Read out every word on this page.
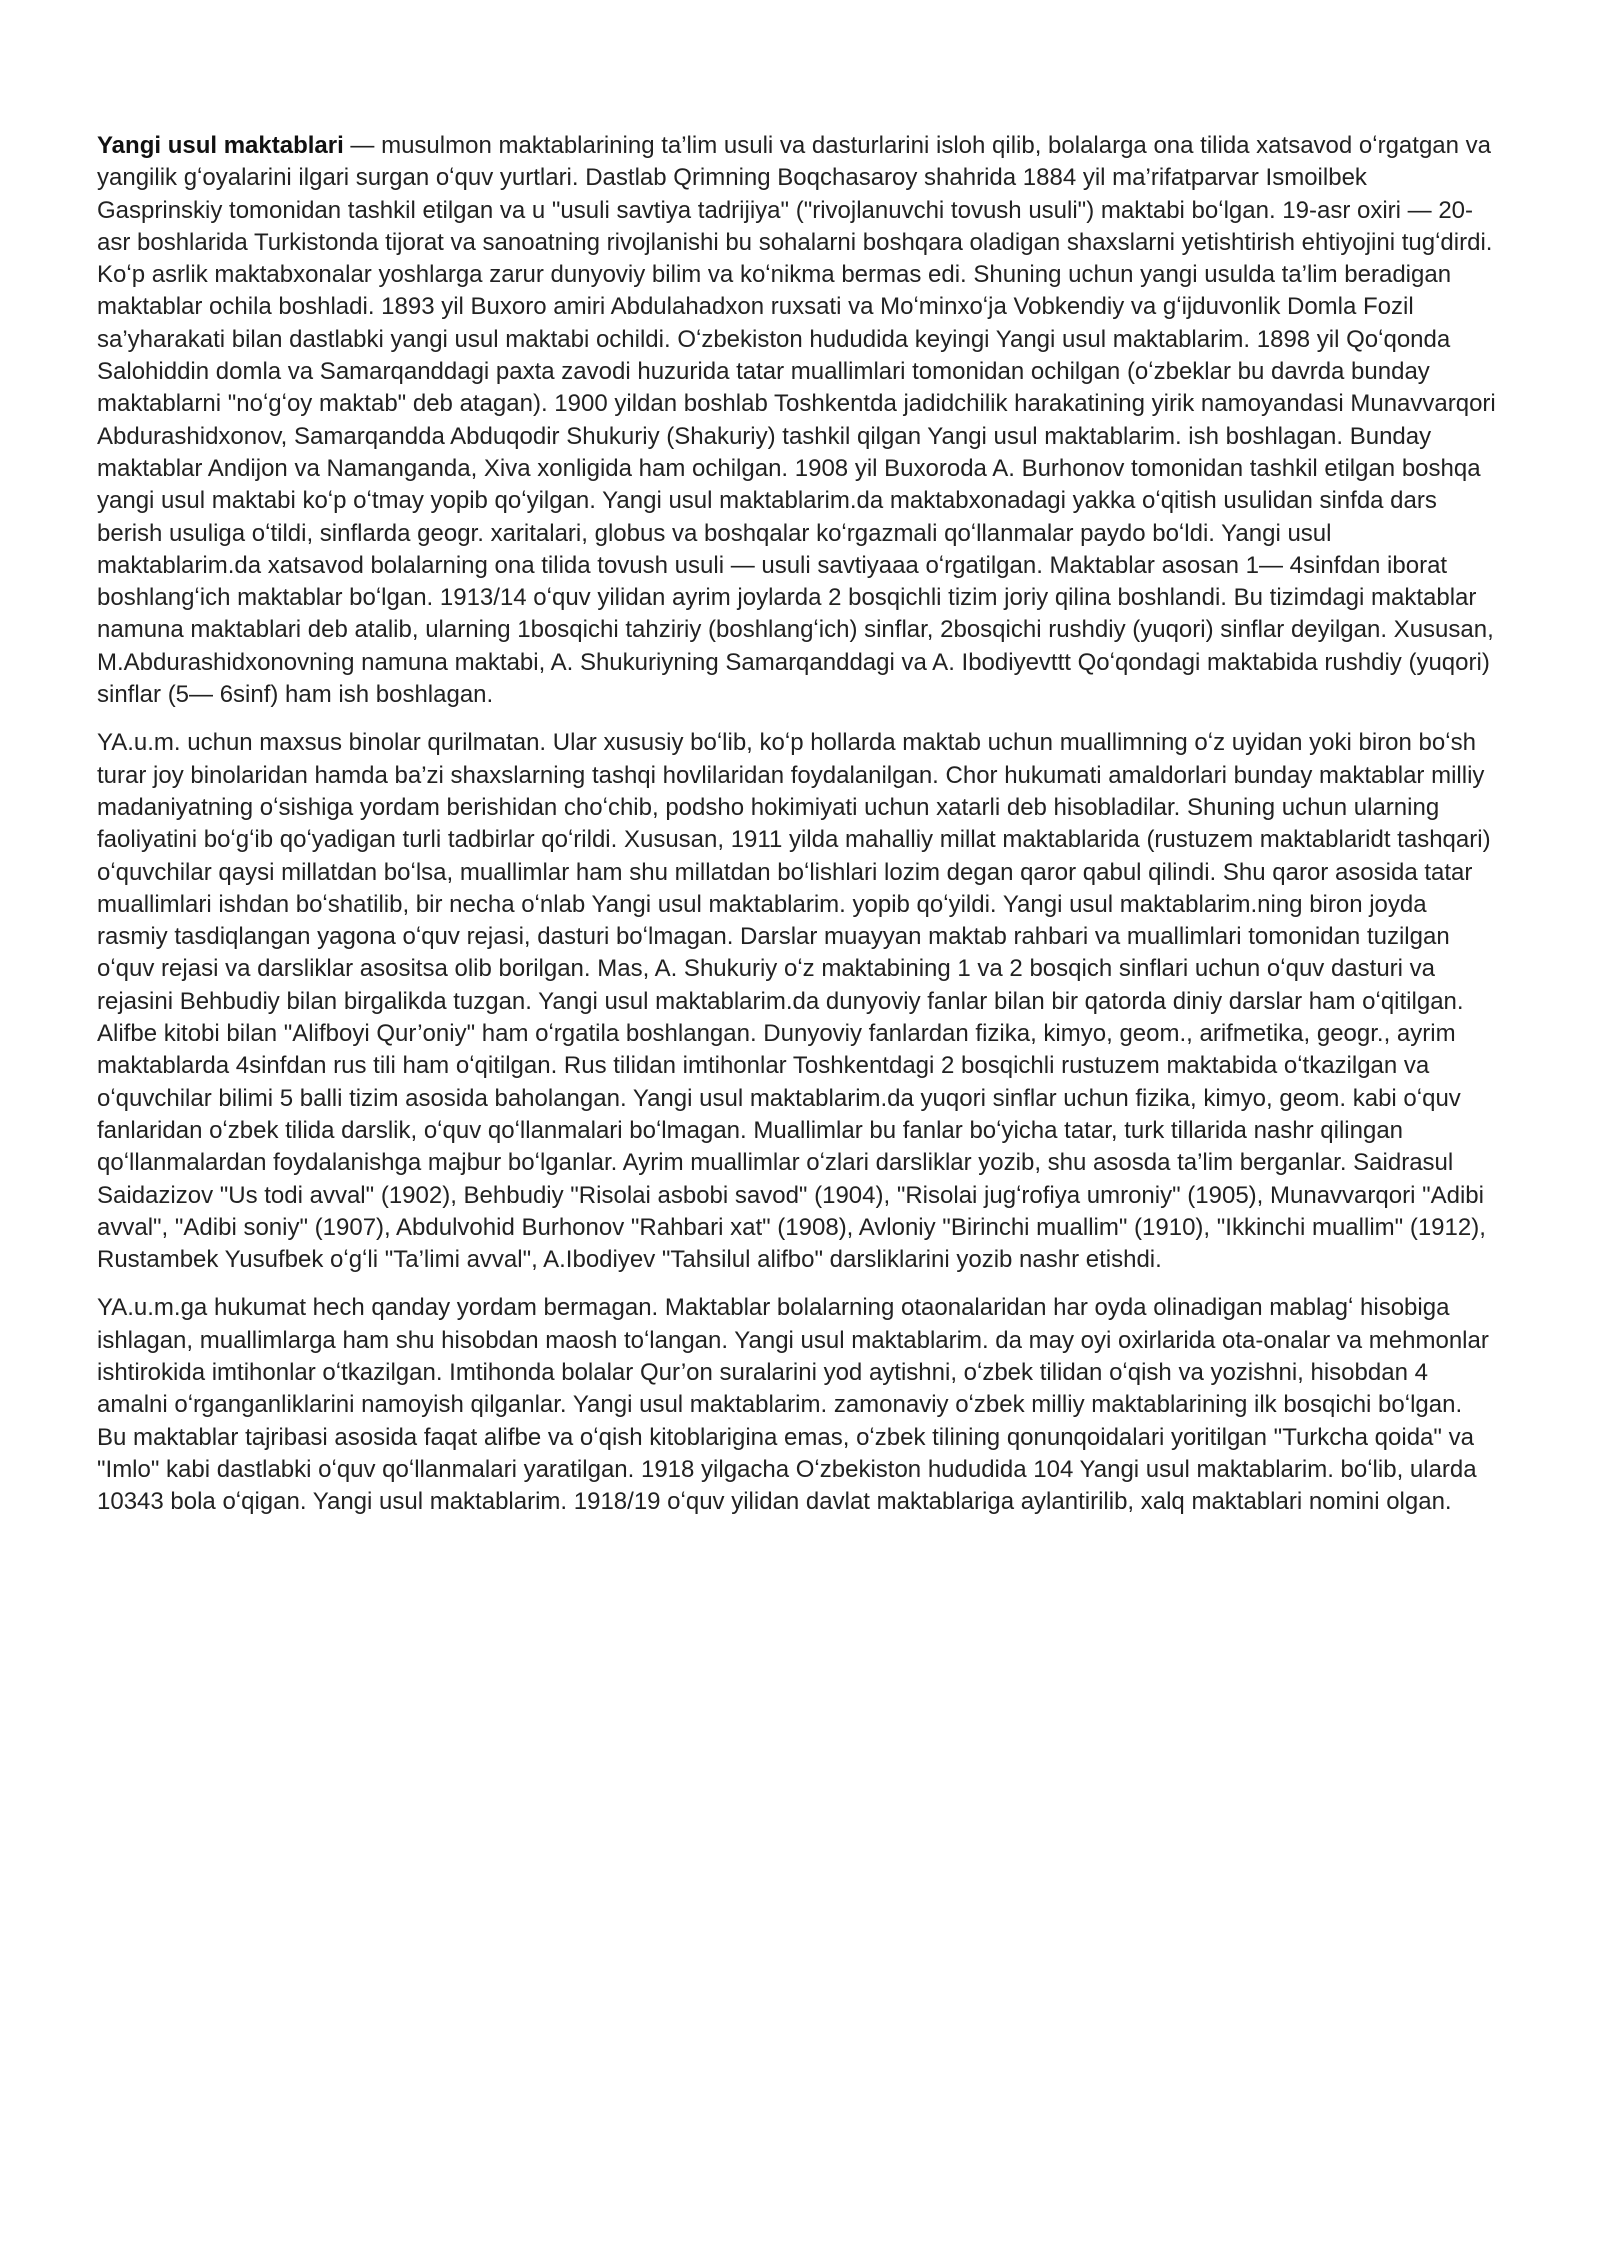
Yangi usul maktablari — musulmon maktablarining ta’lim usuli va dasturlarini isloh qilib, bolalarga ona tilida xatsavod oʻrgatgan va yangilik gʻoyalarini ilgari surgan oʻquv yurtlari. Dastlab Qrimning Boqchasaroy shahrida 1884 yil ma’rifatparvar Ismoilbek Gasprinskiy tomonidan tashkil etilgan va u "usuli savtiya tadrijiya" ("rivojlanuvchi tovush usuli") maktabi boʻlgan. 19-asr oxiri — 20-asr boshlarida Turkistonda tijorat va sanoatning rivojlanishi bu sohalarni boshqara oladigan shaxslarni yetishtirish ehtiyojini tugʻdirdi. Koʻp asrlik maktabxonalar yoshlarga zarur dunyoviy bilim va koʻnikma bermas edi. Shuning uchun yangi usulda ta’lim beradigan maktablar ochila boshladi. 1893 yil Buxoro amiri Abdulahadxon ruxsati va Moʻminxoʻja Vobkendiy va gʻijduvonlik Domla Fozil sa’yharakati bilan dastlabki yangi usul maktabi ochildi. Oʻzbekiston hududida keyingi Yangi usul maktablarim. 1898 yil Qoʻqonda Salohiddin domla va Samarqanddagi paxta zavodi huzurida tatar muallimlari tomonidan ochilgan (oʻzbeklar bu davrda bunday maktablarni "noʻgʻoy maktab" deb atagan). 1900 yildan boshlab Toshkentda jadidchilik harakatining yirik namoyandasi Munavvarqori Abdurashidxonov, Samarqandda Abduqodir Shukuriy (Shakuriy) tashkil qilgan Yangi usul maktablarim. ish boshlagan. Bunday maktablar Andijon va Namanganda, Xiva xonligida ham ochilgan. 1908 yil Buxoroda A. Burhonov tomonidan tashkil etilgan boshqa yangi usul maktabi koʻp oʻtmay yopib qoʻyilgan. Yangi usul maktablarim.da maktabxonadagi yakka oʻqitish usulidan sinfda dars berish usuliga oʻtildi, sinflarda geogr. xaritalari, globus va boshqalar koʻrgazmali qoʻllanmalar paydo boʻldi. Yangi usul maktablarim.da xatsavod bolalarning ona tilida tovush usuli — usuli savtiyaaa oʻrgatilgan. Maktablar asosan 1— 4sinfdan iborat boshlangʻich maktablar boʻlgan. 1913/14 oʻquv yilidan ayrim joylarda 2 bosqichli tizim joriy qilina boshlandi. Bu tizimdagi maktablar namuna maktablari deb atalib, ularning 1bosqichi tahziriy (boshlangʻich) sinflar, 2bosqichi rushdiy (yuqori) sinflar deyilgan. Xususan, M.Abdurashidxonovning namuna maktabi, A. Shukuriyning Samarqanddagi va A. Ibodiyevttt Qoʻqondagi maktabida rushdiy (yuqori) sinflar (5— 6sinf) ham ish boshlagan.

YA.u.m. uchun maxsus binolar qurilmatan. Ular xususiy boʻlib, koʻp hollarda maktab uchun muallimning oʻz uyidan yoki biron boʻsh turar joy binolaridan hamda ba’zi shaxslarning tashqi hovlilaridan foydalanilgan. Chor hukumati amaldorlari bunday maktablar milliy madaniyatning oʻsishiga yordam berishidan choʻchib, podsho hokimiyati uchun xatarli deb hisobladilar. Shuning uchun ularning faoliyatini boʻgʻib qoʻyadigan turli tadbirlar qoʻrildi. Xususan, 1911 yilda mahalliy millat maktablarida (rustuzem maktablaridt tashqari) oʻquvchilar qaysi millatdan boʻlsa, muallimlar ham shu millatdan boʻlishlari lozim degan qaror qabul qilindi. Shu qaror asosida tatar muallimlari ishdan boʻshatilib, bir necha oʻnlab Yangi usul maktablarim. yopib qoʻyildi. Yangi usul maktablarim.ning biron joyda rasmiy tasdiqlangan yagona oʻquv rejasi, dasturi boʻlmagan. Darslar muayyan maktab rahbari va muallimlari tomonidan tuzilgan oʻquv rejasi va darsliklar asositsa olib borilgan. Mas, A. Shukuriy oʻz maktabining 1 va 2 bosqich sinflari uchun oʻquv dasturi va rejasini Behbudiy bilan birgalikda tuzgan. Yangi usul maktablarim.da dunyoviy fanlar bilan bir qatorda diniy darslar ham oʻqitilgan. Alifbe kitobi bilan "Alifboyi Qur’oniy" ham oʻrgatila boshlangan. Dunyoviy fanlardan fizika, kimyo, geom., arifmetika, geogr., ayrim maktablarda 4sinfdan rus tili ham oʻqitilgan. Rus tilidan imtihonlar Toshkentdagi 2 bosqichli rustuzem maktabida oʻtkazilgan va oʻquvchilar bilimi 5 balli tizim asosida baholangan. Yangi usul maktablarim.da yuqori sinflar uchun fizika, kimyo, geom. kabi oʻquv fanlaridan oʻzbek tilida darslik, oʻquv qoʻllanmalari boʻlmagan. Muallimlar bu fanlar boʻyicha tatar, turk tillarida nashr qilingan qoʻllanmalardan foydalanishga majbur boʻlganlar. Ayrim muallimlar oʻzlari darsliklar yozib, shu asosda ta’lim berganlar. Saidrasul Saidazizov "Us todi avval" (1902), Behbudiy "Risolai asbobi savod" (1904), "Risolai jugʻrofiya umroniy" (1905), Munavvarqori "Adibi avval", "Adibi soniy" (1907), Abdulvohid Burhonov "Rahbari xat" (1908), Avloniy "Birinchi muallim" (1910), "Ikkinchi muallim" (1912), Rustambek Yusufbek oʻgʻli "Ta’limi avval", A.Ibodiyev "Tahsilul alifbo" darsliklarini yozib nashr etishdi.

YA.u.m.ga hukumat hech qanday yordam bermagan. Maktablar bolalarning otaonalaridan har oyda olinadigan mablagʻ hisobiga ishlagan, muallimlarga ham shu hisobdan maosh toʻlangan. Yangi usul maktablarim. da may oyi oxirlarida ota-onalar va mehmonlar ishtirokida imtihonlar oʻtkazilgan. Imtihonda bolalar Qur’on suralarini yod aytishni, oʻzbek tilidan oʻqish va yozishni, hisobdan 4 amalni oʻrganganliklarini namoyish qilganlar. Yangi usul maktablarim. zamonaviy oʻzbek milliy maktablarining ilk bosqichi boʻlgan. Bu maktablar tajribasi asosida faqat alifbe va oʻqish kitoblarigina emas, oʻzbek tilining qonunqoidalari yoritilgan "Turkcha qoida" va "Imlo" kabi dastlabki oʻquv qoʻllanmalari yaratilgan. 1918 yilgacha Oʻzbekiston hududida 104 Yangi usul maktablarim. boʻlib, ularda 10343 bola oʻqigan. Yangi usul maktablarim. 1918/19 oʻquv yilidan davlat maktablariga aylantirilib, xalq maktablari nomini olgan.
